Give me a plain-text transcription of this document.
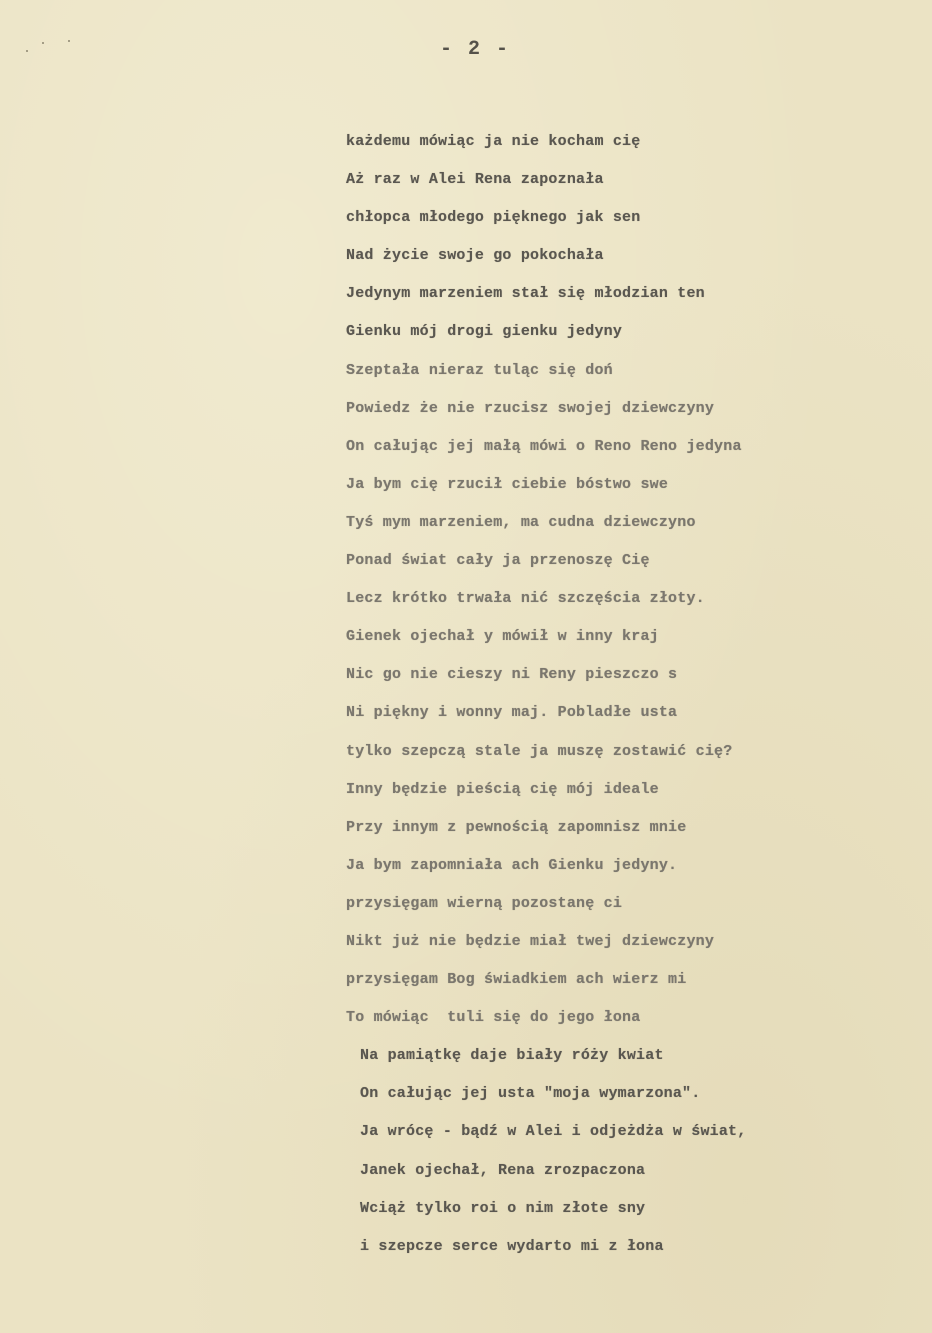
- 2 -
każdemu mówiąc ja nie kocham cię
Aż raz w Alei Rena zapoznała
chłopca młodego pięknego jak sen
Nad życie swoje go pokochała
Jedynym marzeniem stał się młodzian ten
Gienku mój drogi gienku jedyny
Szeptała nieraz tuląc się doń
Powiedz że nie rzucisz swojej dziewczyny
On całując jej małą mówi o Reno Reno jedyna
Ja bym cię rzucił ciebie bóstwo swe
Tyś mym marzeniem, ma cudna dziewczyno
Ponad świat cały ja przenoszę Cię
Lecz krótko trwała nić szczęścia złoty.
Gienek ojechał y mówił w inny kraj
Nic go nie cieszy ni Reny pieszczo s
Ni piękny i wonny maj. Pobladłe usta
tylko szepczą stale ja muszę zostawić cię?
Inny będzie pieścią cię mój ideale
Przy innym z pewnością zapomnisz mnie
Ja bym zapomniała ach Gienku jedyny.
przysięgam wierną pozostanę ci
Nikt już nie będzie miał twej dziewczyny
przysięgam Bog świadkiem ach wierz mi
To mówiąc  tuli się do jego łona
Na pamiątkę daje biały róży kwiat
On całując jej usta "moja wymarzona".
Ja wrócę - bądź w Alei i odjeżdża w świat,
Janek ojechał, Rena zrozpaczona
Wciąż tylko roi o nim złote sny
i szepcze serce wydarto mi z łona
